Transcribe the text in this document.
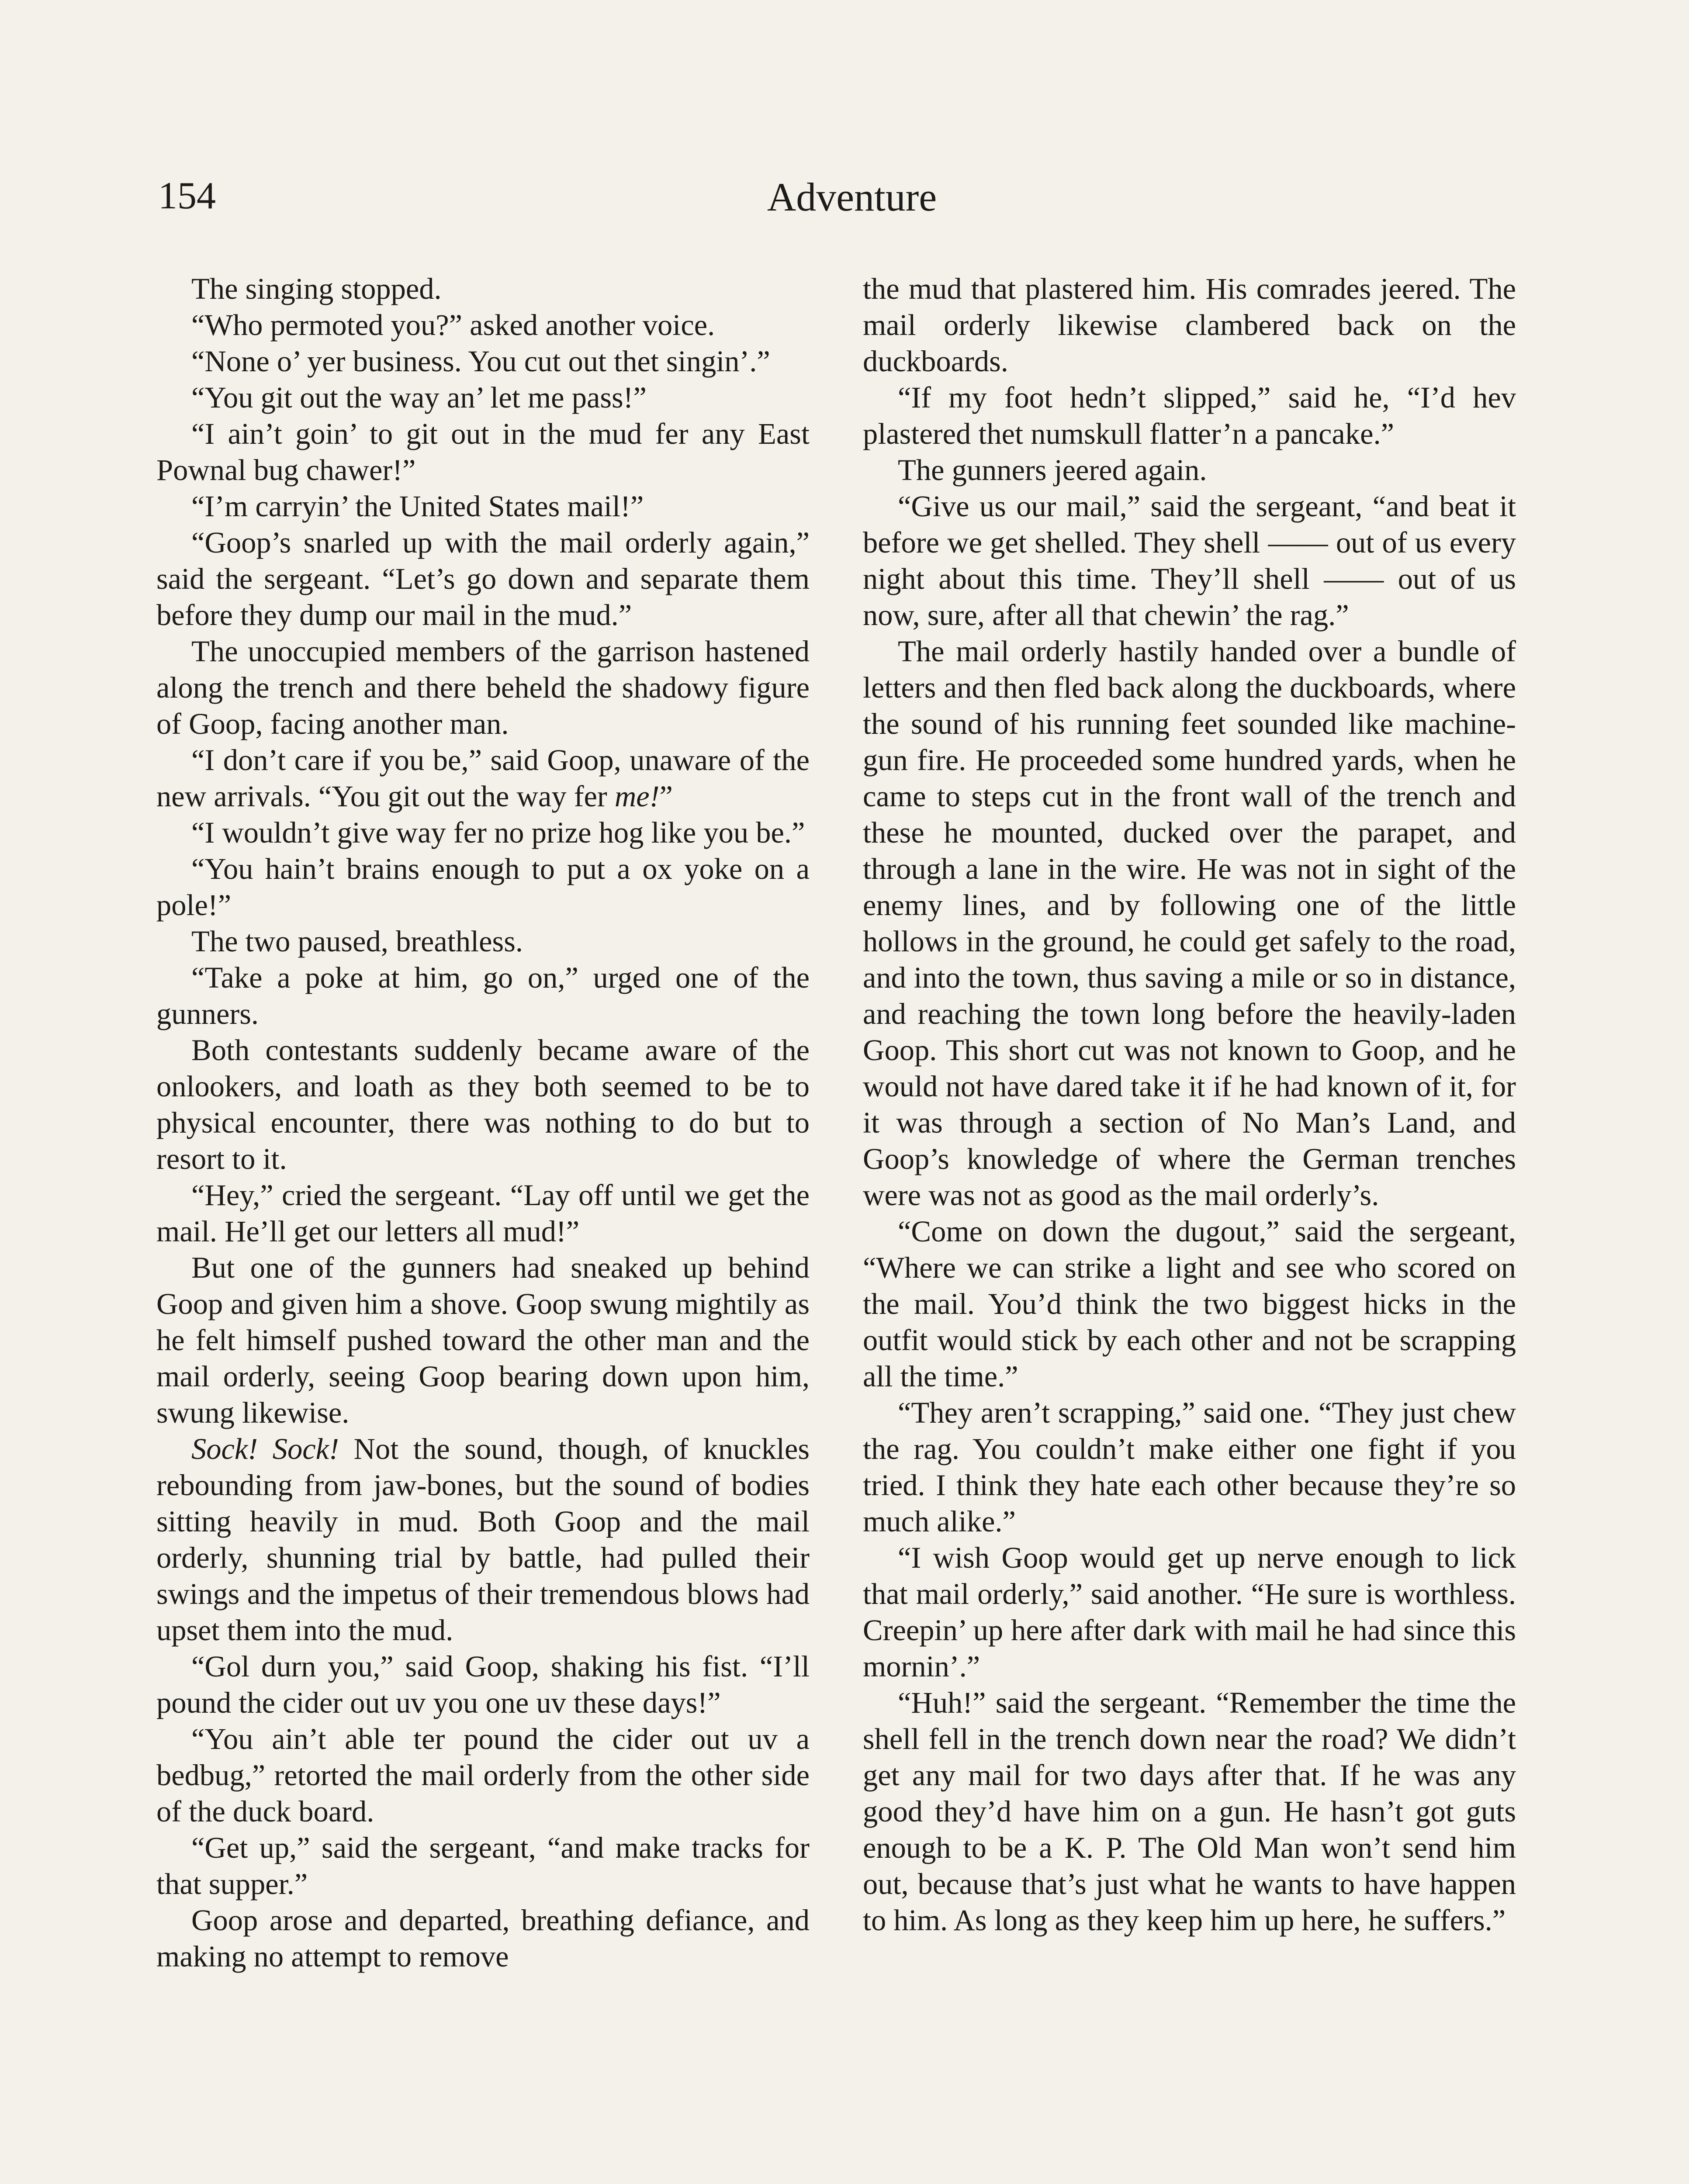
154	Adventure

The singing stopped.

“Who permoted you?” asked another voice.

“None o’ yer business. You cut out thet singin’.”

“You git out the way an’ let me pass!”

“I ain’t goin’ to git out in the mud fer any East Pownal bug chawer!”

“I’m carryin’ the United States mail!”

“Goop’s snarled up with the mail orderly again,” said the sergeant. “Let’s go down and separate them before they dump our mail in the mud.”

The unoccupied members of the garrison hastened along the trench and there beheld the shadowy figure of Goop, facing another man.

“I don’t care if you be,” said Goop, unaware of the new arrivals. “You git out the way fer me!”

“I wouldn’t give way fer no prize hog like you be.”

“You hain’t brains enough to put a ox yoke on a pole!”

The two paused, breathless.

“Take a poke at him, go on,” urged one of the gunners.

Both contestants suddenly became aware of the onlookers, and loath as they both seemed to be to physical encounter, there was nothing to do but to resort to it.

“Hey,” cried the sergeant. “Lay off until we get the mail. He’ll get our letters all mud!”

But one of the gunners had sneaked up behind Goop and given him a shove. Goop swung mightily as he felt himself pushed toward the other man and the mail orderly, seeing Goop bearing down upon him, swung likewise.

Sock! Sock! Not the sound, though, of knuckles rebounding from jaw-bones, but the sound of bodies sitting heavily in mud. Both Goop and the mail orderly, shunning trial by battle, had pulled their swings and the impetus of their tremendous blows had upset them into the mud.

“Gol durn you,” said Goop, shaking his fist. “I’ll pound the cider out uv you one uv these days!”

“You ain’t able ter pound the cider out uv a bedbug,” retorted the mail orderly from the other side of the duck board.

“Get up,” said the sergeant, “and make tracks for that supper.”

Goop arose and departed, breathing defiance, and making no attempt to remove

the mud that plastered him. His comrades jeered. The mail orderly likewise clambered back on the duckboards.

“If my foot hedn’t slipped,” said he, “I’d hev plastered thet numskull flatter’n a pancake.”

The gunners jeered again.

“Give us our mail,” said the sergeant, “and beat it before we get shelled. They shell —— out of us every night about this time. They’ll shell —— out of us now, sure, after all that chewin’ the rag.”

The mail orderly hastily handed over a bundle of letters and then fled back along the duckboards, where the sound of his running feet sounded like machine-gun fire. He proceeded some hundred yards, when he came to steps cut in the front wall of the trench and these he mounted, ducked over the parapet, and through a lane in the wire. He was not in sight of the enemy lines, and by following one of the little hollows in the ground, he could get safely to the road, and into the town, thus saving a mile or so in distance, and reaching the town long before the heavily-laden Goop. This short cut was not known to Goop, and he would not have dared take it if he had known of it, for it was through a section of No Man’s Land, and Goop’s knowledge of where the German trenches were was not as good as the mail orderly’s.

“Come on down the dugout,” said the sergeant, “Where we can strike a light and see who scored on the mail. You’d think the two biggest hicks in the outfit would stick by each other and not be scrapping all the time.”

“They aren’t scrapping,” said one. “They just chew the rag. You couldn’t make either one fight if you tried. I think they hate each other because they’re so much alike.”

“I wish Goop would get up nerve enough to lick that mail orderly,” said another. “He sure is worthless. Creepin’ up here after dark with mail he had since this mornin’.”

“Huh!” said the sergeant. “Remember the time the shell fell in the trench down near the road? We didn’t get any mail for two days after that. If he was any good they’d have him on a gun. He hasn’t got guts enough to be a K. P. The Old Man won’t send him out, because that’s just what he wants to have happen to him. As long as they keep him up here, he suffers.”
